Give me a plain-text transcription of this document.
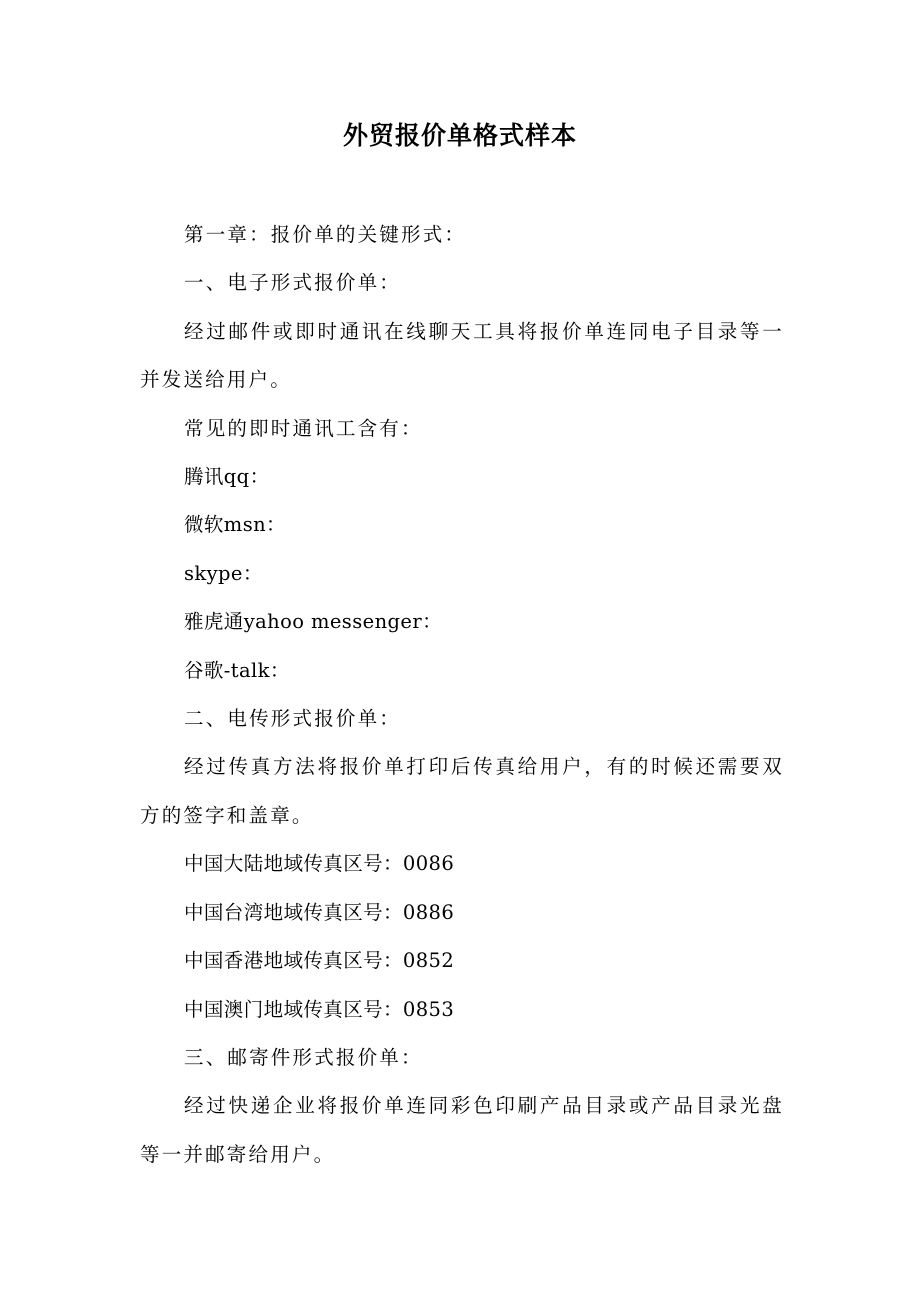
外贸报价单格式样本

第一章：报价单的关键形式：

一、电子形式报价单：

经过邮件或即时通讯在线聊天工具将报价单连同电子目录等一并发送给用户。

常见的即时通讯工含有：

腾讯qq：

微软msn：

skype：

雅虎通yahoo messenger：

谷歌-talk：

二、电传形式报价单：

经过传真方法将报价单打印后传真给用户，有的时候还需要双方的签字和盖章。

中国大陆地域传真区号：0086

中国台湾地域传真区号：0886

中国香港地域传真区号：0852

中国澳门地域传真区号：0853

三、邮寄件形式报价单：

经过快递企业将报价单连同彩色印刷产品目录或产品目录光盘等一并邮寄给用户。
